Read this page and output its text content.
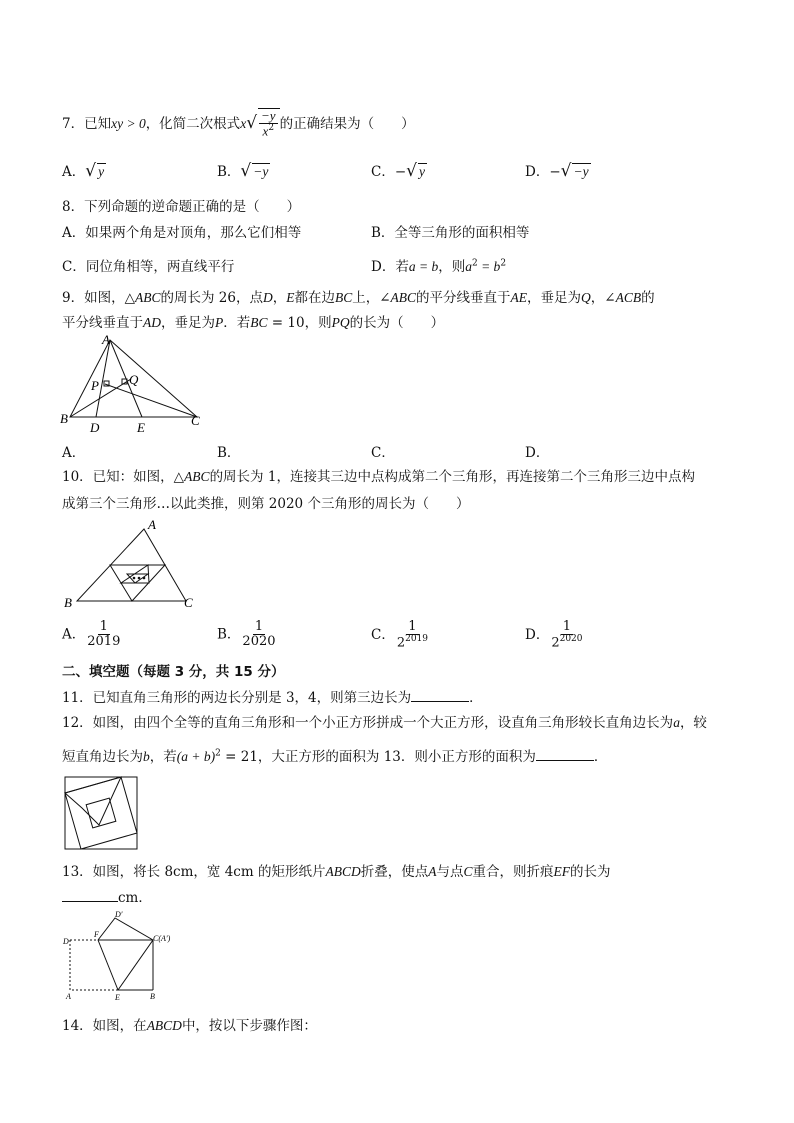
7．已知xy > 0，化简二次根式$x√ \frac{-y}{x^2}$ 的正确结果为（　　）
A．√ y	B．√ −y	C．−√ y	D．−√ −y
8．下列命题的逆命题正确的是（　　）
A．如果两个角是对顶角，那么它们相等	B．全等三角形的面积相等
C．同位角相等，两直线平行	D．若a = b，则$a^2 = b^2$
9．如图，△ABC的周长为 26，点D，E都在边BC上，∠ABC的平分线垂直于AE，垂足为Q，∠ACB的
平分线垂直于AD，垂足为P．若BC = 10，则PQ的长为（　　）
A
B	C
D	E
P Q
A．	B．	C．	D．
10．已知：如图，△ABC的周长为 1，连接其三边中点构成第二个三角形，再连接第二个三角形三边中点构
成第三个三角形…以此类推，则第 2020 个三角形的周长为（　　）
A
B	C
A． $\frac{1}{2019}$	B． $\frac{1}{2020}$	C． $\frac{1}{2^{2019}}$	D． $\frac{1}{2^{2020}}$
二、填空题（每题 3 分，共 15 分）
11．已知直角三角形的两边长分别是 3，4，则第三边长为	．
12．如图，由四个全等的直角三角形和一个小正方形拼成一个大正方形，设直角三角形较长直角边长为a，较
短直角边长为b，若$(a + b)^2 = 21$，大正方形的面积为 13．则小正方形的面积为	．
13．如图，将长 8cm，宽 4cm 的矩形纸片ABCD折叠，使点A与点C重合，则折痕EF的长为
cm．
D′
D
F	C(A′)
A	E	B
14．如图，在ABCD中，按以下步骤作图：
